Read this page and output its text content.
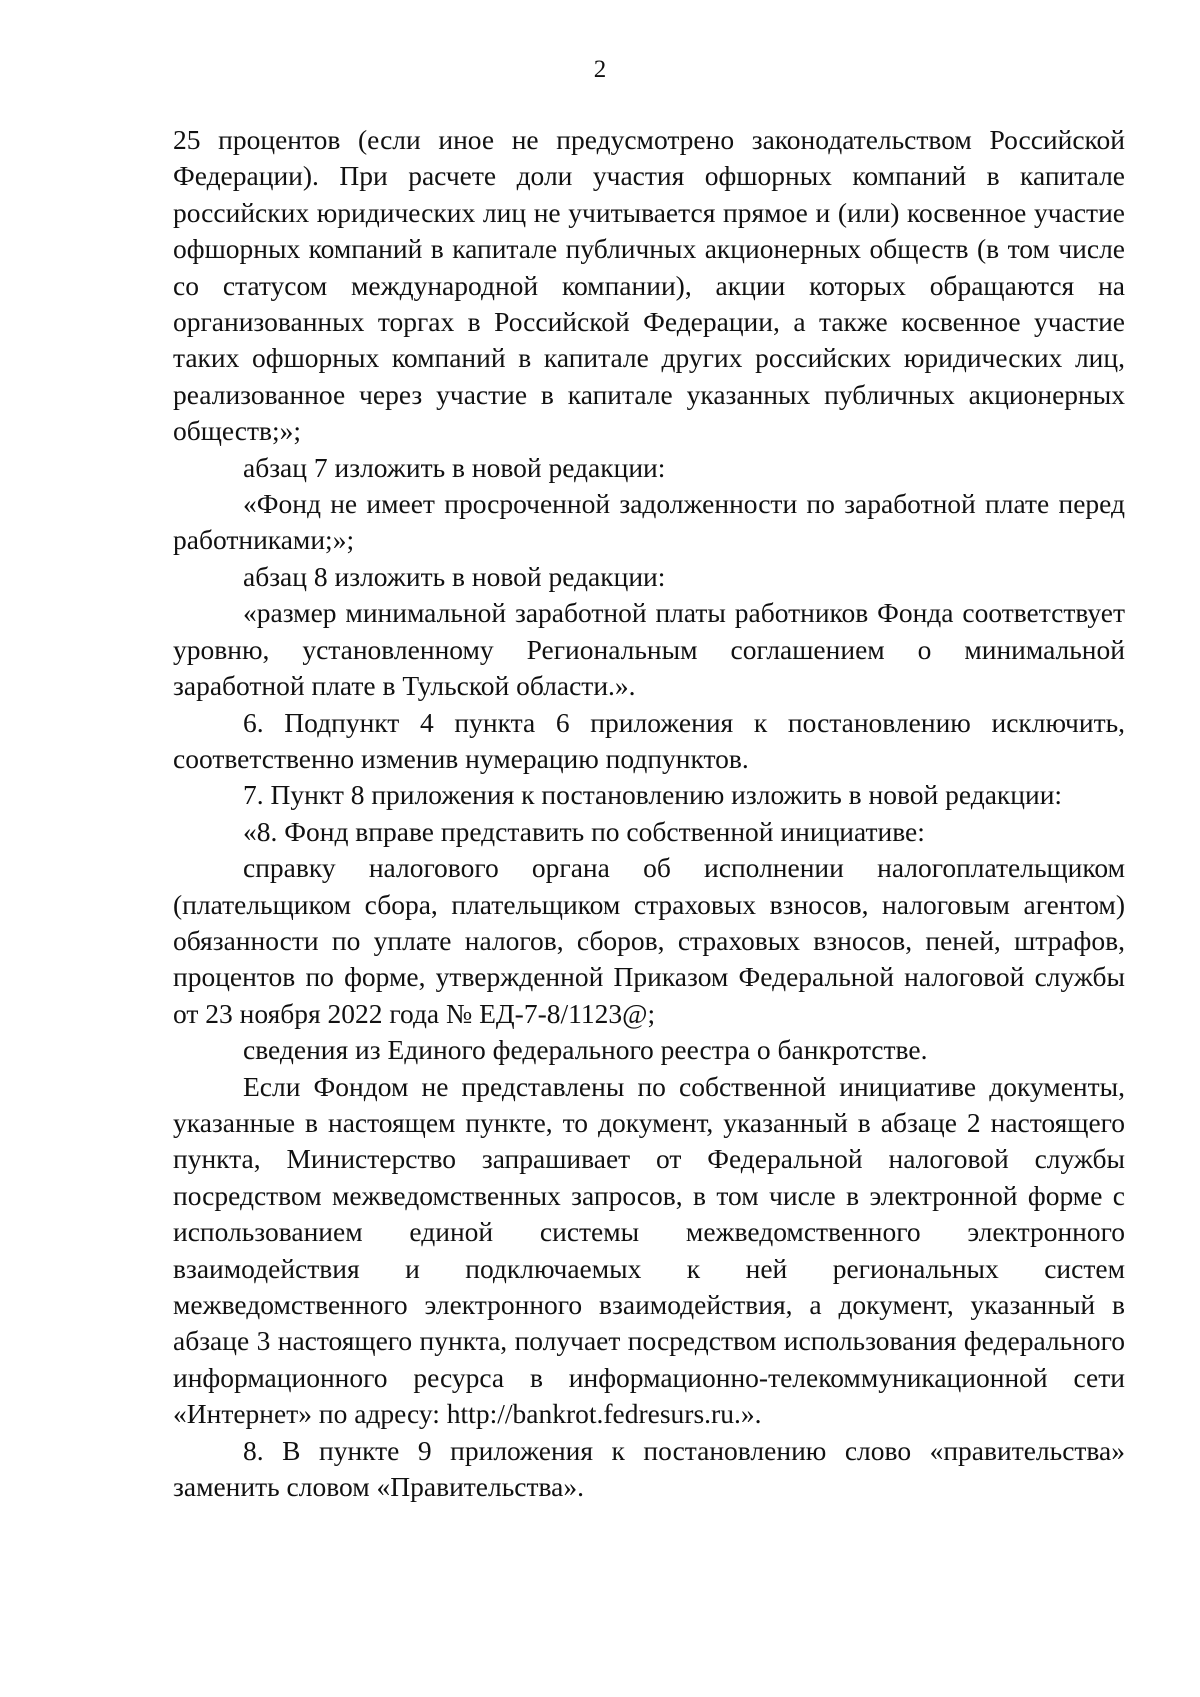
2

25 процентов (если иное не предусмотрено законодательством Российской Федерации). При расчете доли участия офшорных компаний в капитале российских юридических лиц не учитывается прямое и (или) косвенное участие офшорных компаний в капитале публичных акционерных обществ (в том числе со статусом международной компании), акции которых обращаются на организованных торгах в Российской Федерации, а также косвенное участие таких офшорных компаний в капитале других российских юридических лиц, реализованное через участие в капитале указанных публичных акционерных обществ;»;

абзац 7 изложить в новой редакции:

«Фонд не имеет просроченной задолженности по заработной плате перед работниками;»;

абзац 8 изложить в новой редакции:

«размер минимальной заработной платы работников Фонда соответствует уровню, установленному Региональным соглашением о минимальной заработной плате в Тульской области.».

6. Подпункт 4 пункта 6 приложения к постановлению исключить, соответственно изменив нумерацию подпунктов.

7. Пункт 8 приложения к постановлению изложить в новой редакции:

«8. Фонд вправе представить по собственной инициативе:

справку налогового органа об исполнении налогоплательщиком (плательщиком сбора, плательщиком страховых взносов, налоговым агентом) обязанности по уплате налогов, сборов, страховых взносов, пеней, штрафов, процентов по форме, утвержденной Приказом Федеральной налоговой службы от 23 ноября 2022 года № ЕД-7-8/1123@;

сведения из Единого федерального реестра о банкротстве.

Если Фондом не представлены по собственной инициативе документы, указанные в настоящем пункте, то документ, указанный в абзаце 2 настоящего пункта, Министерство запрашивает от Федеральной налоговой службы посредством межведомственных запросов, в том числе в электронной форме с использованием единой системы межведомственного электронного взаимодействия и подключаемых к ней региональных систем межведомственного электронного взаимодействия, а документ, указанный в абзаце 3 настоящего пункта, получает посредством использования федерального информационного ресурса в информационно-телекоммуникационной сети «Интернет» по адресу: http://bankrot.fedresurs.ru.».

8. В пункте 9 приложения к постановлению слово «правительства» заменить словом «Правительства».
